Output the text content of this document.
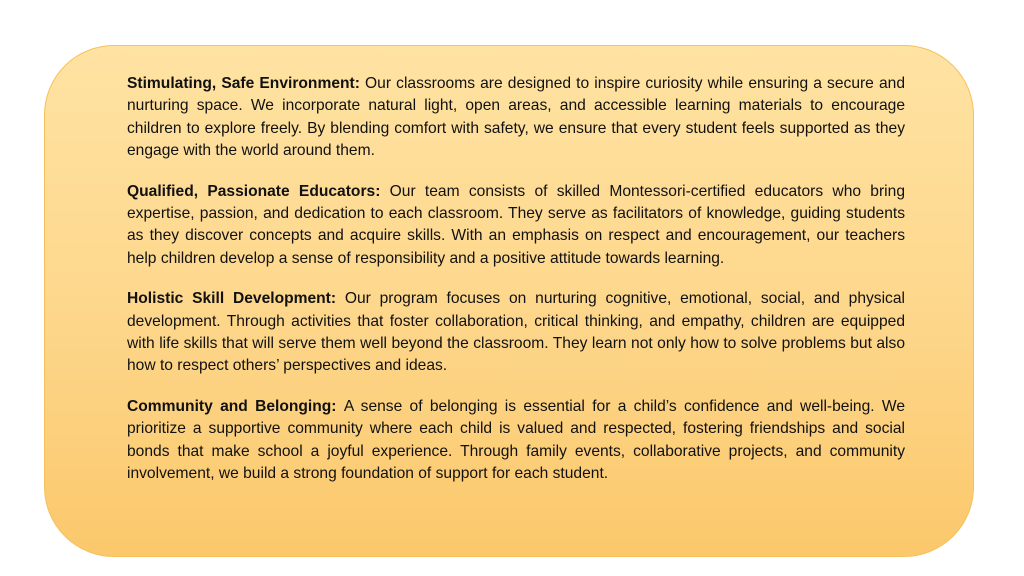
Stimulating, Safe Environment: Our classrooms are designed to inspire curiosity while ensuring a secure and nurturing space. We incorporate natural light, open areas, and accessible learning materials to encourage children to explore freely. By blending comfort with safety, we ensure that every student feels supported as they engage with the world around them.

Qualified, Passionate Educators: Our team consists of skilled Montessori-certified educators who bring expertise, passion, and dedication to each classroom. They serve as facilitators of knowledge, guiding students as they discover concepts and acquire skills. With an emphasis on respect and encouragement, our teachers help children develop a sense of responsibility and a positive attitude towards learning.

Holistic Skill Development: Our program focuses on nurturing cognitive, emotional, social, and physical development. Through activities that foster collaboration, critical thinking, and empathy, children are equipped with life skills that will serve them well beyond the classroom. They learn not only how to solve problems but also how to respect others’ perspectives and ideas.

Community and Belonging: A sense of belonging is essential for a child’s confidence and well-being. We prioritize a supportive community where each child is valued and respected, fostering friendships and social bonds that make school a joyful experience. Through family events, collaborative projects, and community involvement, we build a strong foundation of support for each student.
